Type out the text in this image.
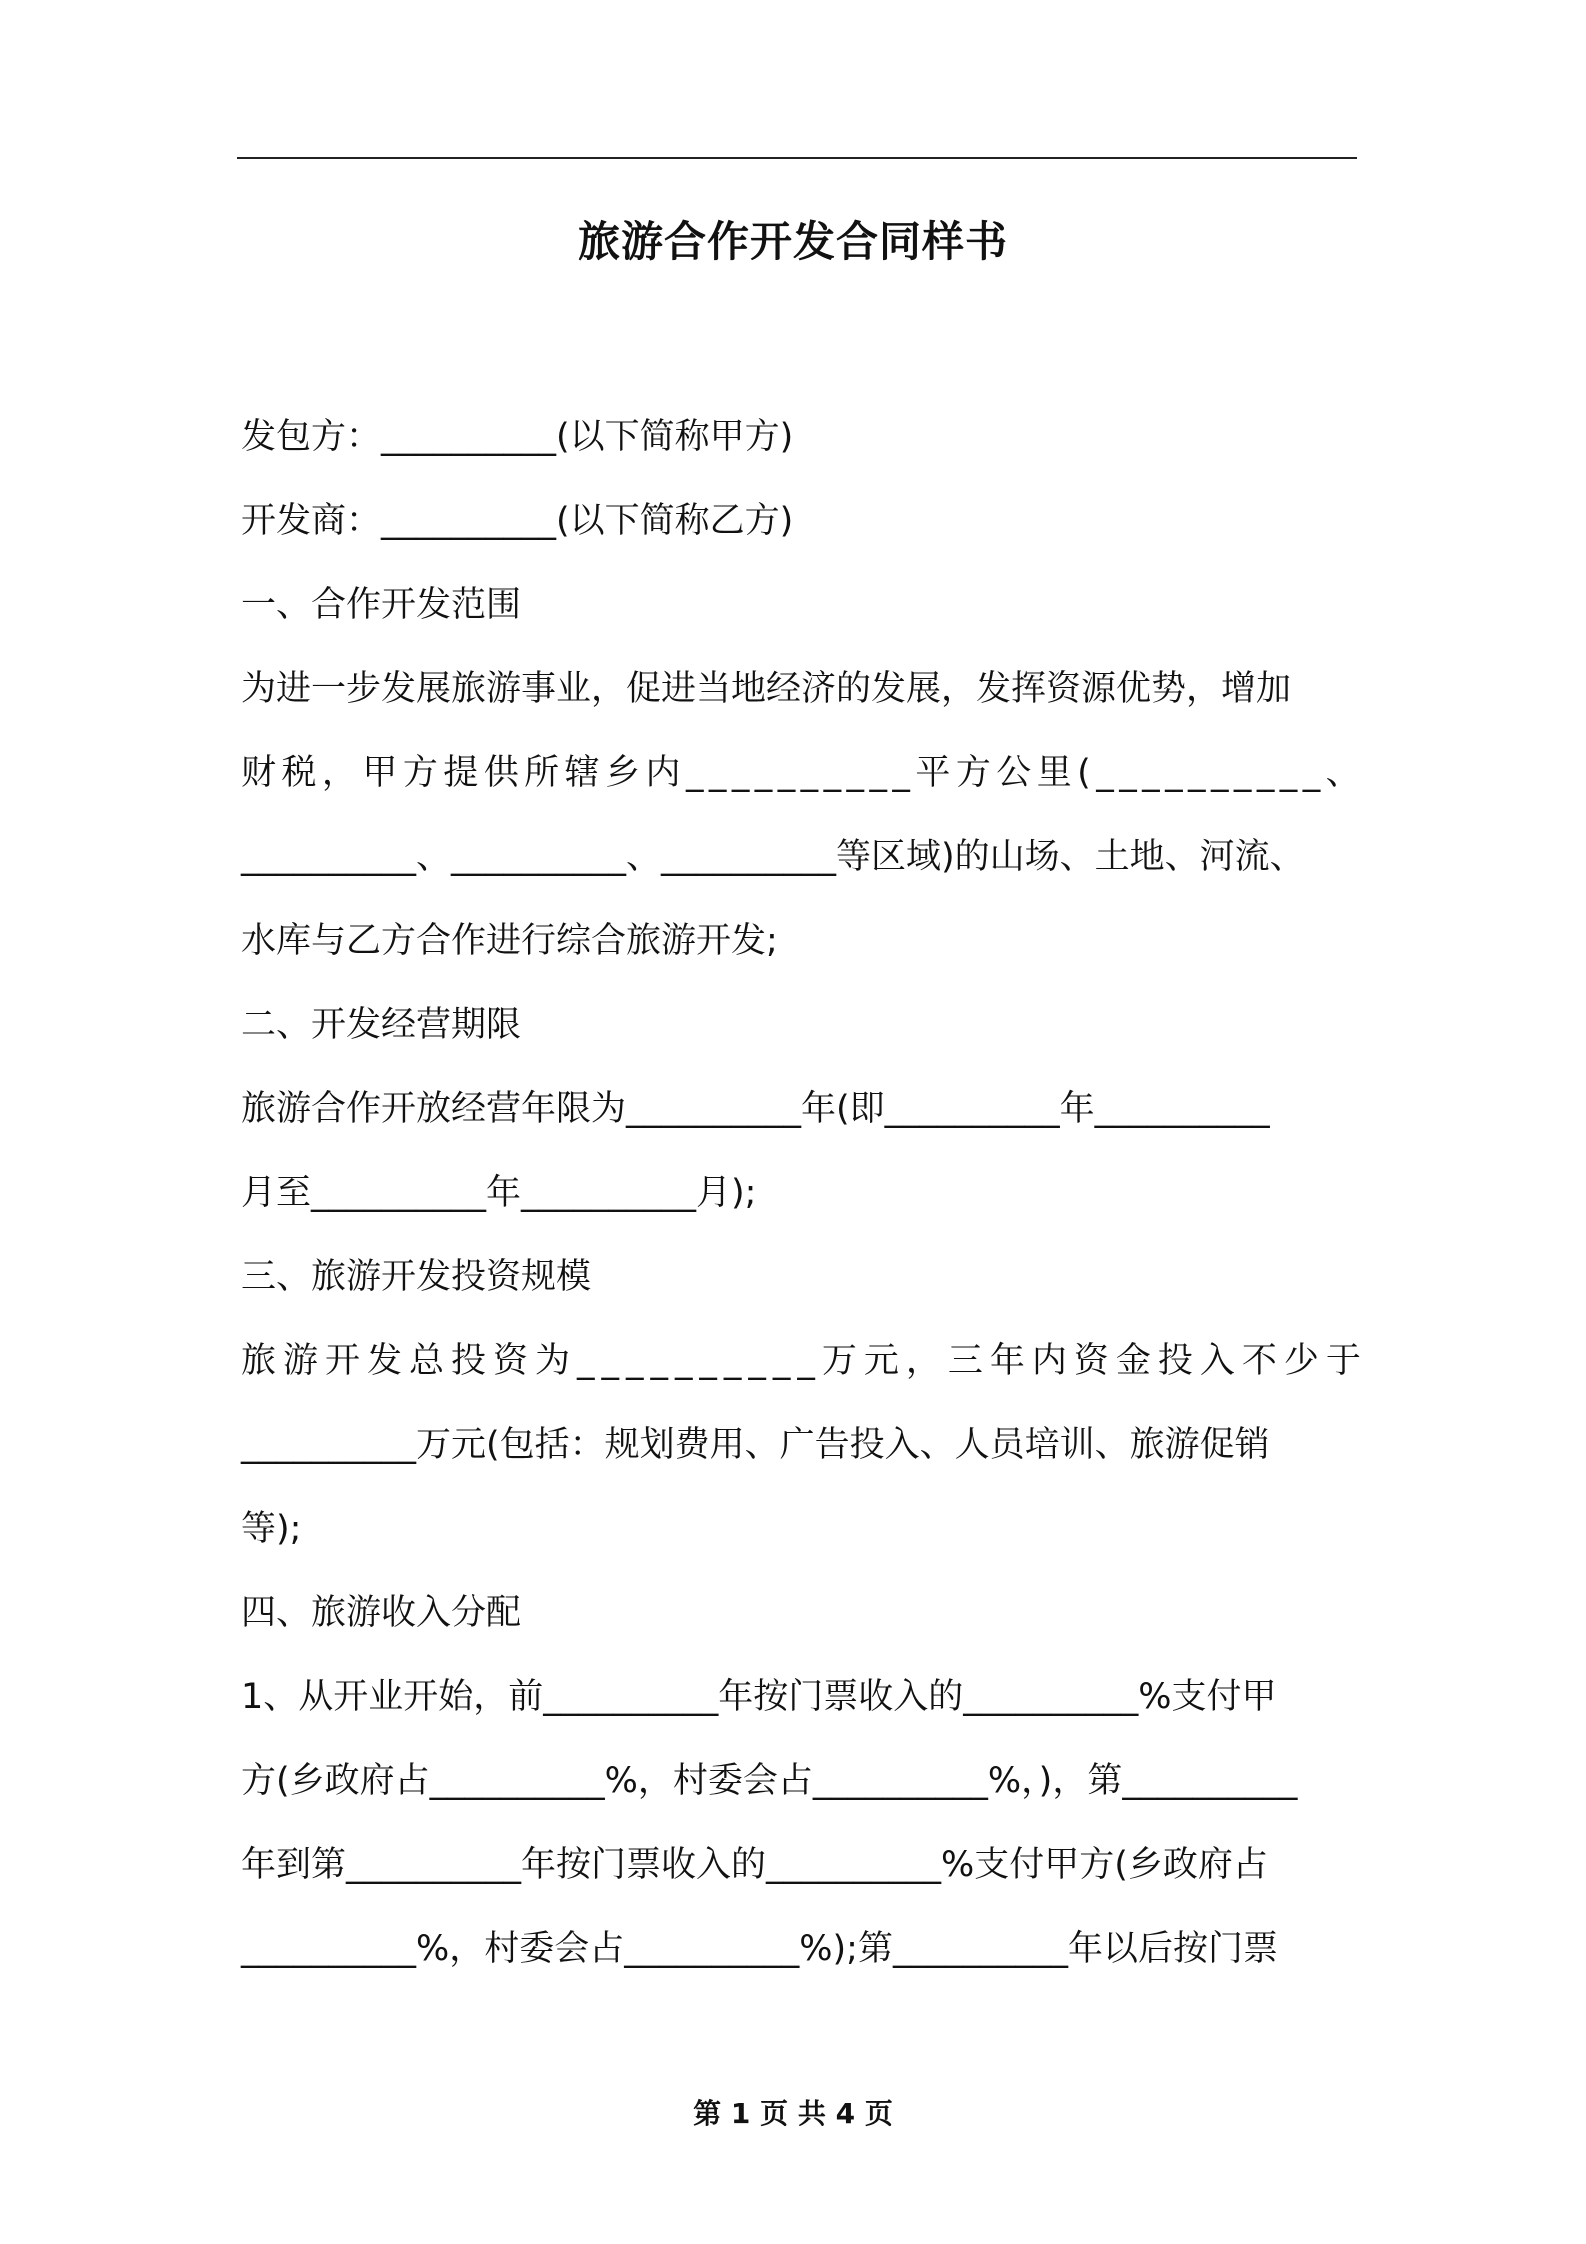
旅游合作开发合同样书
发包方：__________(以下简称甲方)
开发商：__________(以下简称乙方)
一、合作开发范围
为进一步发展旅游事业，促进当地经济的发展，发挥资源优势，增加
财 税 ， 甲 方 提 供 所 辖 乡 内 _ _ _ _ _ _ _ _ _ _ 平 方 公 里 ( _ _ _ _ _ _ _ _ _ _ 、
__________、__________、__________等区域)的山场、土地、河流、
水库与乙方合作进行综合旅游开发;
二、开发经营期限
旅游合作开放经营年限为__________年(即__________年__________
月至__________年__________月);
三、旅游开发投资规模
旅 游 开 发 总 投 资 为 _ _ _ _ _ _ _ _ _ _ 万 元 ， 三 年 内 资 金 投 入 不 少 于
__________万元(包括：规划费用、广告投入、人员培训、旅游促销
等);
四、旅游收入分配
1、从开业开始，前__________年按门票收入的__________%支付甲
方(乡政府占__________%，村委会占__________%，)，第__________
年到第__________年按门票收入的__________%支付甲方(乡政府占
__________%，村委会占__________%);第__________年以后按门票
第 1 页 共 4 页
